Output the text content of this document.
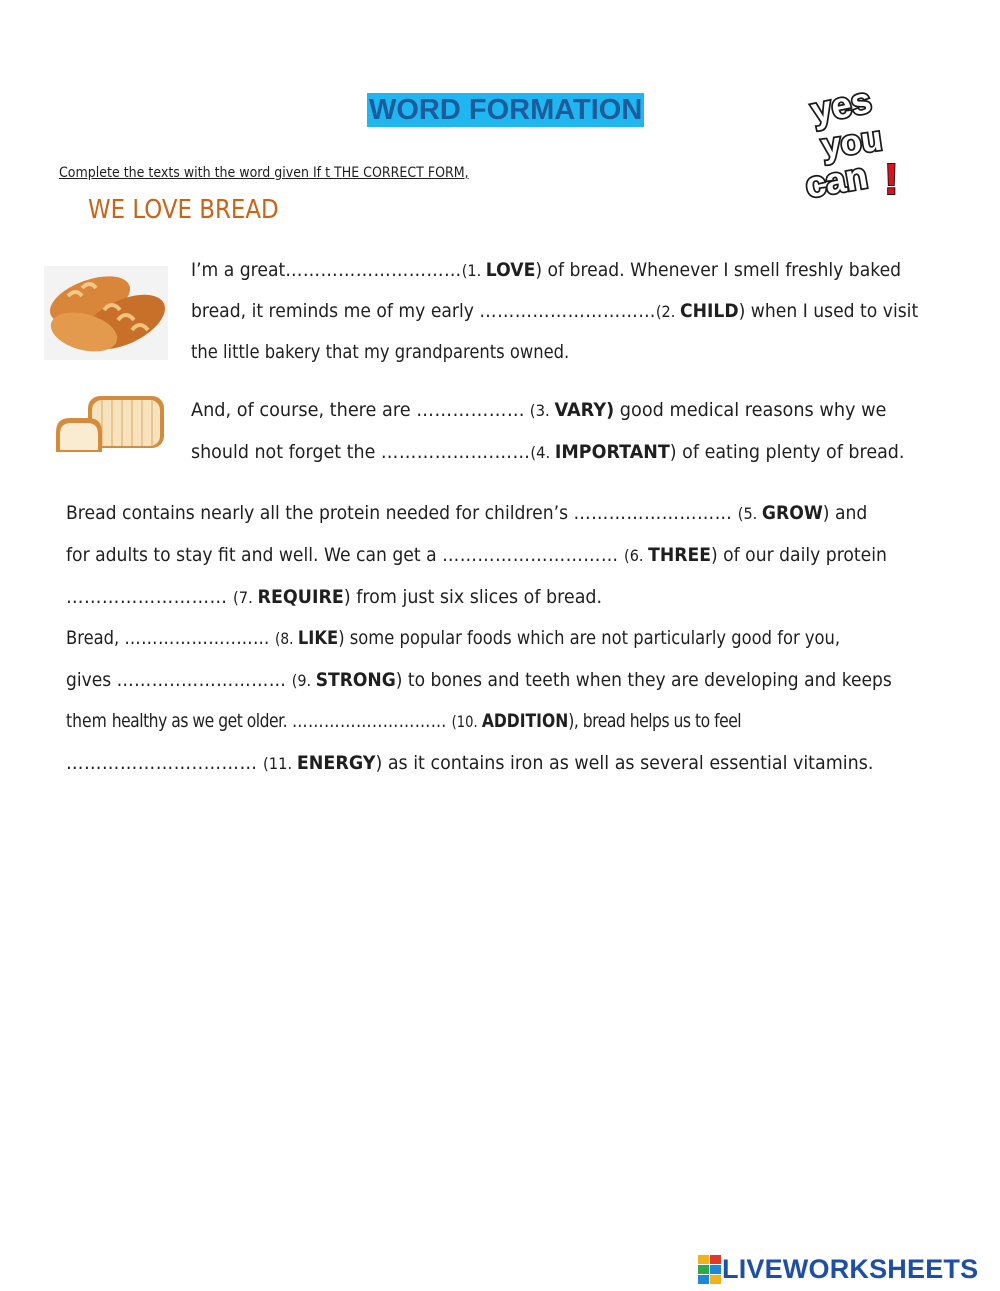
WORD FORMATION	yes
you
can !
Complete the texts with the word given If t THE CORRECT FORM,
WE LOVE BREAD
I’m a great…………………………(1. LOVE) of bread. Whenever I smell freshly baked
bread, it reminds me of my early …………………………(2. CHILD) when I used to visit
the little bakery that my grandparents owned.
And, of course, there are ……………… (3. VARY) good medical reasons why we
should not forget the ……………….……(4. IMPORTANT) of eating plenty of bread.
Bread contains nearly all the protein needed for children’s ……………………… (5. GROW) and
for adults to stay fit and well. We can get a ………………………… (6. THREE) of our daily protein
……………………… (7. REQUIRE) from just six slices of bread.
Bread, ………………..…… (8. LIKE) some popular foods which are not particularly good for you,
gives ………..……………… (9. STRONG) to bones and teeth when they are developing and keeps
them healthy as we get older. ……………..………… (10. ADDITION), bread helps us to feel
…………………..……… (11. ENERGY) as it contains iron as well as several essential vitamins.
LIVEWORKSHEETS
